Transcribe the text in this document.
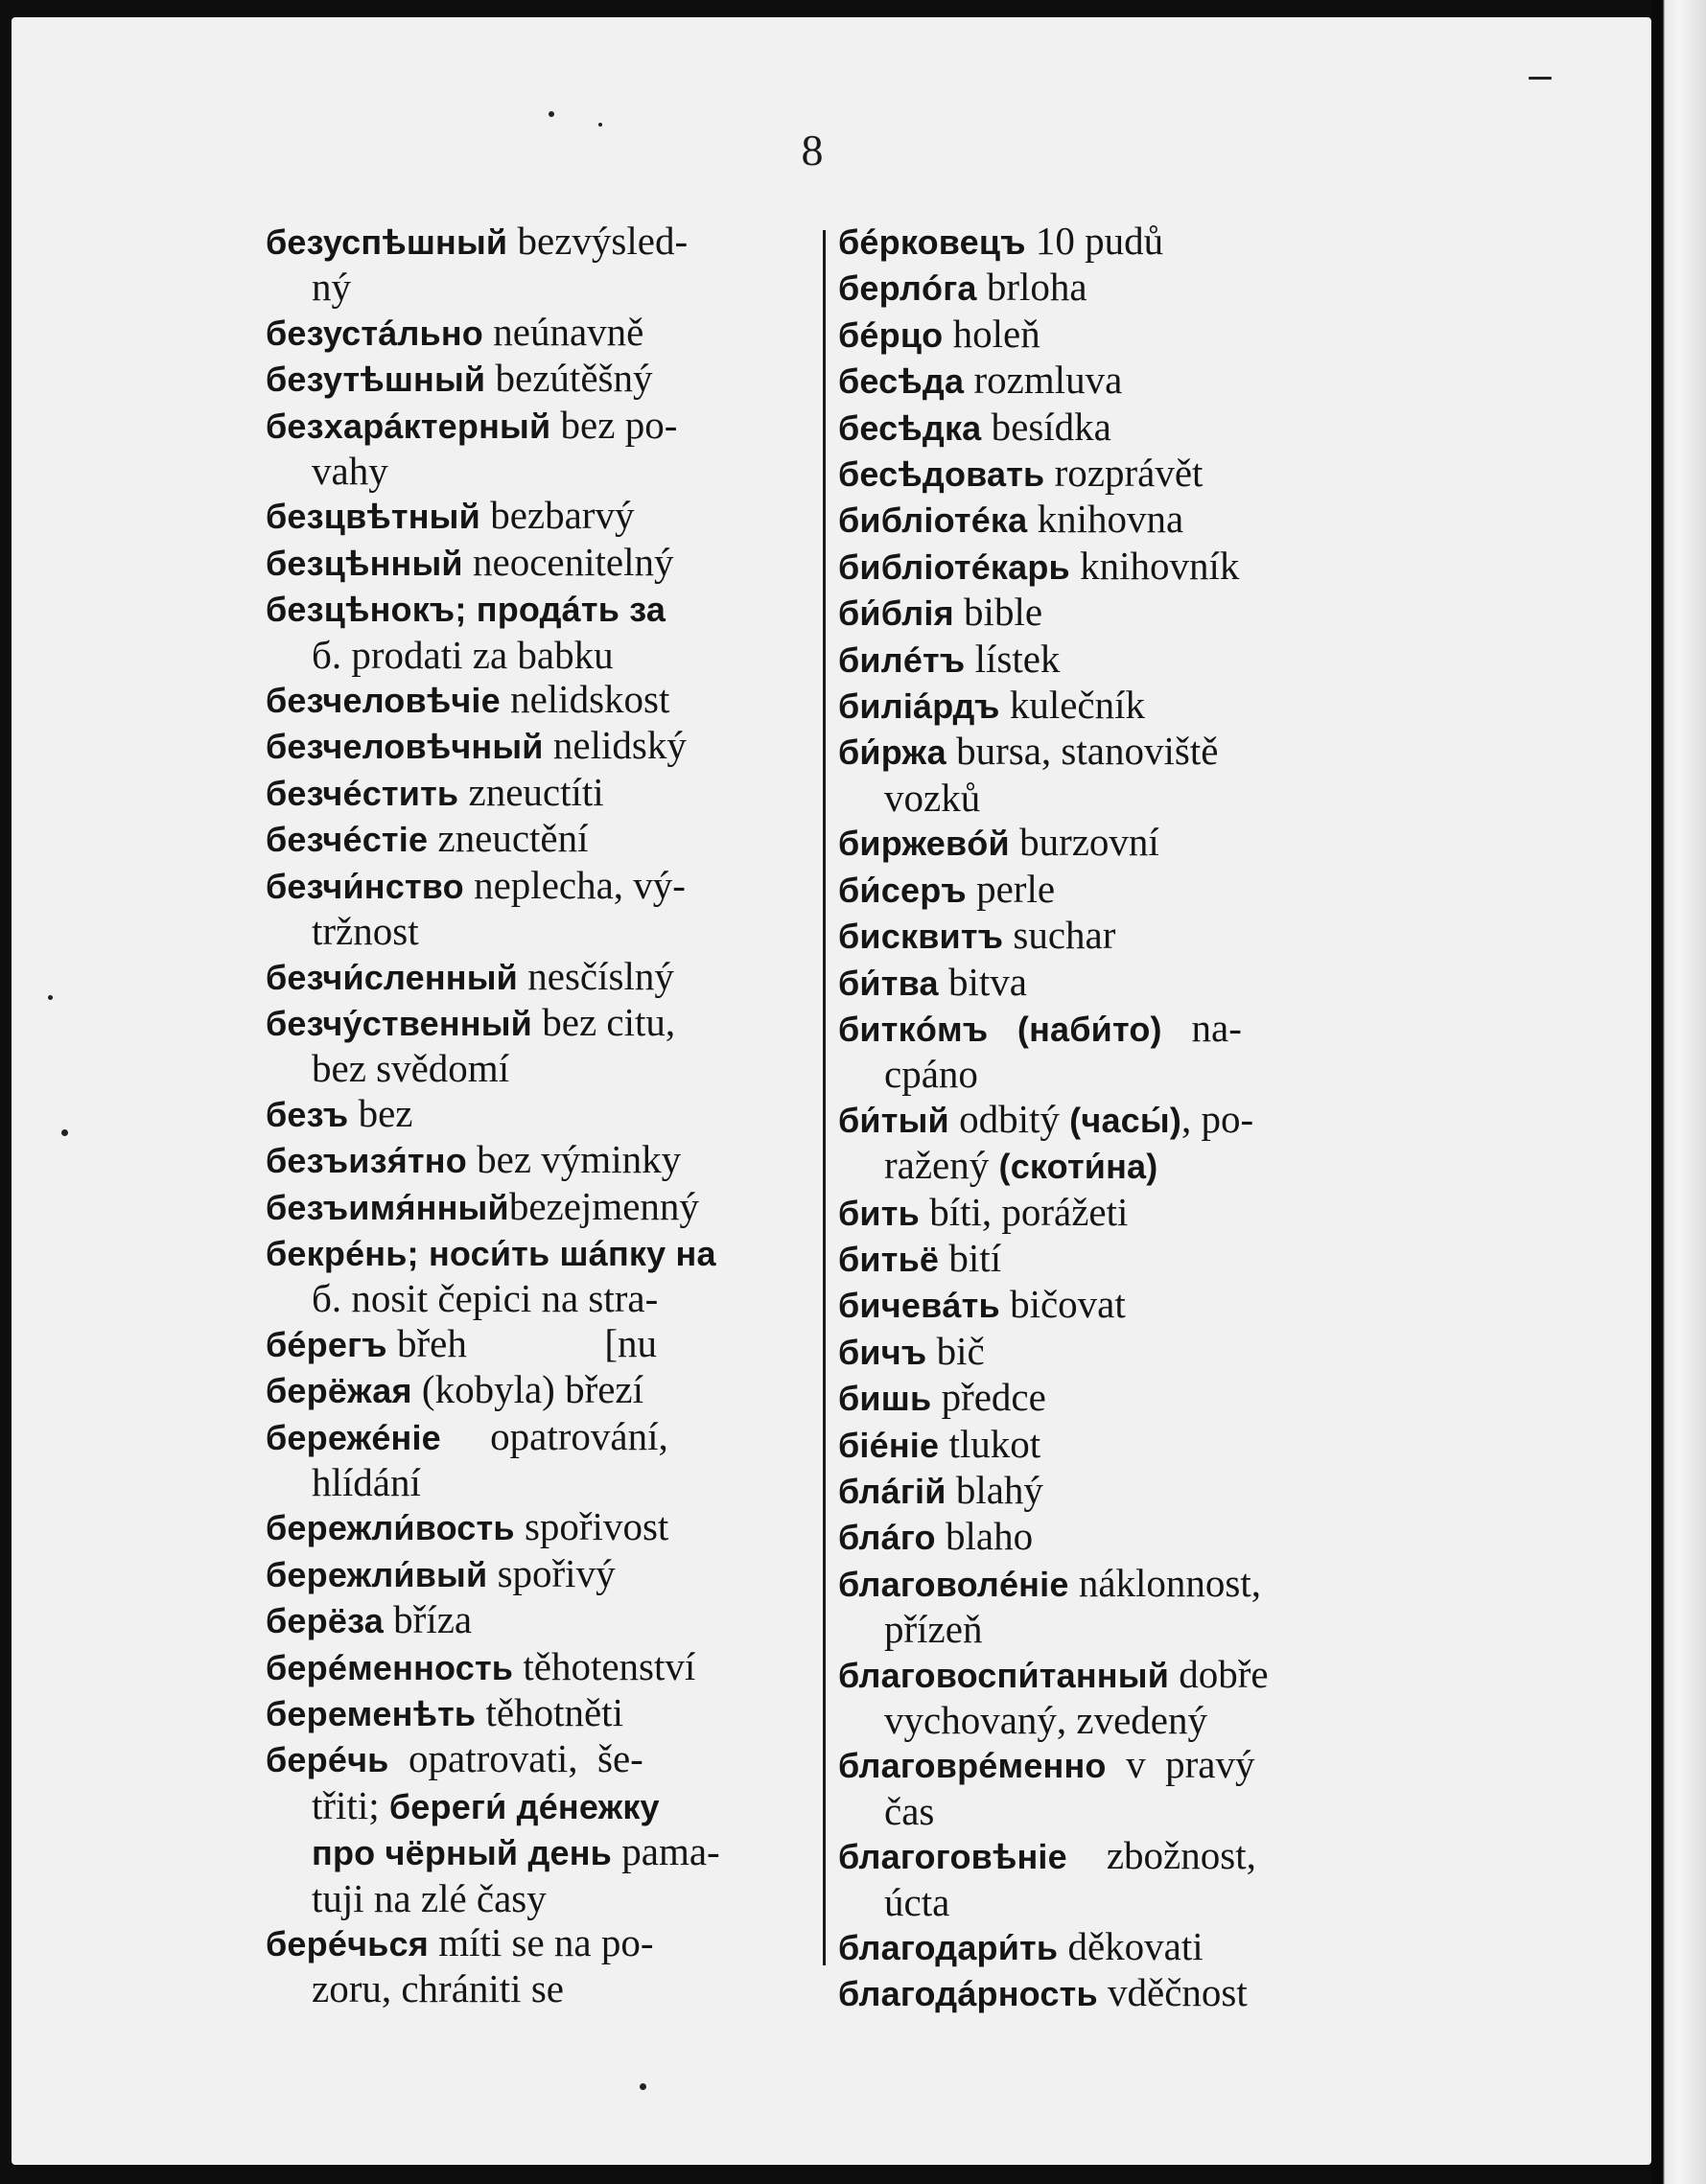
8
безуспѣшный bezvýsled-
ný
безустáльно neúnavně
безутѣшный bezútěšný
безхарáктерный bez po-
vahy
безцвѣтный bezbarvý
безцѣнный neocenitelný
безцѣнокъ; продáть за
б. prodati za babku
безчеловѣчіе nelidskost
безчеловѣчный nelidský
безчéстить zneuctíti
безчéстіе zneuctění
безчи́нство neplecha, vý-
tržnost
безчи́сленный nesčíslný
безчу́ственный bez citu,
bez svědomí
безъ bez
безъизя́тно bez výminky
безъимя́нныйbezejmenný
бекрéнь; носи́ть шáпку на
б. nosit čepici na stra-
бéрегъ břeh              [nu
берёжая (kobyla) březí
бережéніе     opatrování,
hlídání
бережли́вость spořivost
бережли́вый spořivý
берёза bříza
берéменность těhotenství
беременѣть těhotněti
берéчь  opatrovati,  še-
třiti; береги́ дéнежку
про чёрный день pama-
tuji na zlé časy
берéчься míti se na po-
zoru, chrániti se
бéрковецъ 10 pudů
берлóга brloha
бéрцо holeň
бесѣда rozmluva
бесѣдка besídka
бесѣдовать rozprávět
библіотéка knihovna
библіотéкарь knihovník
би́блія bible
билéтъ lístek
биліáрдъ kulečník
би́ржа bursa, stanoviště
vozků
биржевóй burzovní
би́серъ perle
бисквитъ suchar
би́тва bitva
биткóмъ   (наби́то)   na-
cpáno
би́тый odbitý (часы́), po-
ražený (скоти́на)
бить bíti, porážeti
битьё bití
бичевáть bičovat
бичъ bič
бишь předce
біéніе tlukot
блáгій blahý
блáго blaho
благоволéніе náklonnost,
přízeň
благовоспи́танный dobře
vychovaný, zvedený
благоврéменно  v  pravý
čas
благоговѣніе    zbožnost,
úcta
благодари́ть děkovati
благодáрность vděčnost
